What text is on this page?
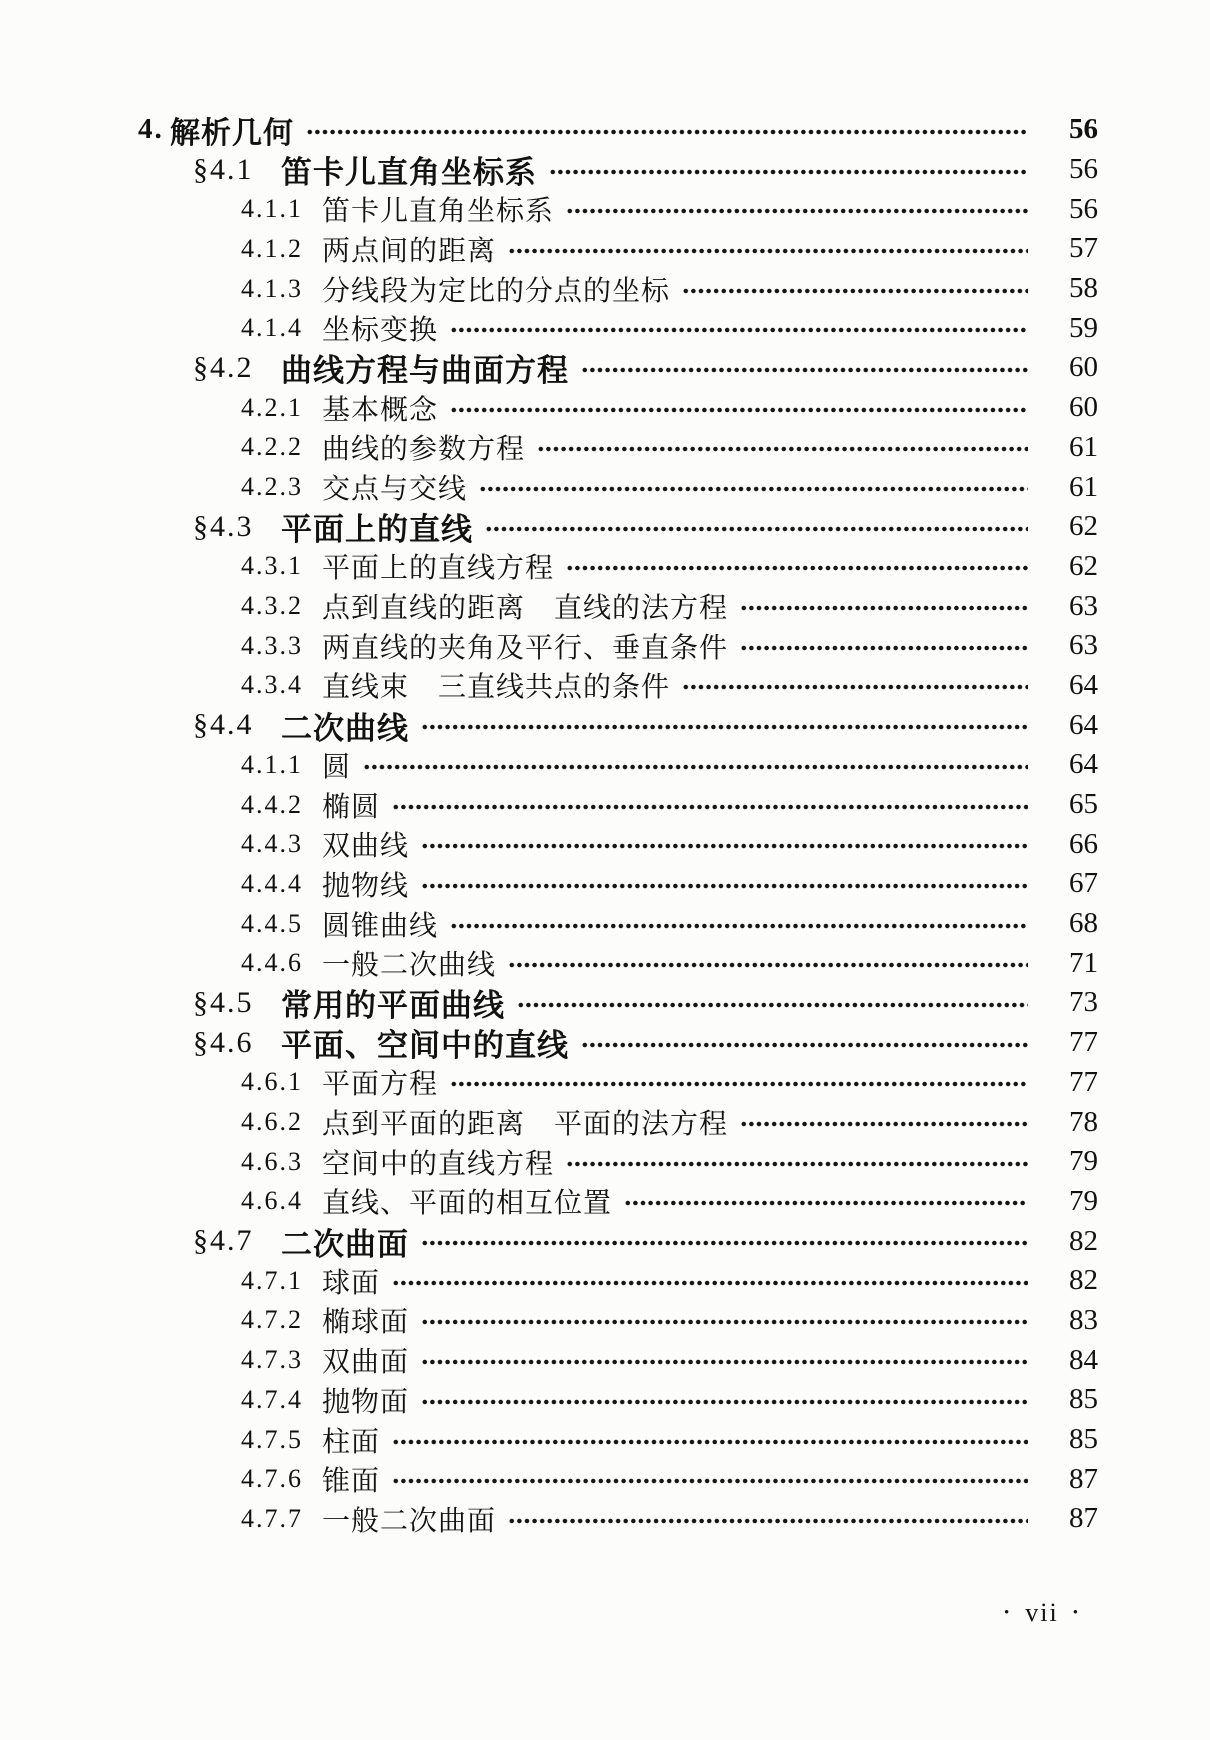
4. 解析几何	56
§4.1 笛卡儿直角坐标系	56
4.1.1 笛卡儿直角坐标系	56
4.1.2 两点间的距离	57
4.1.3 分线段为定比的分点的坐标	58
4.1.4 坐标变换	59
§4.2 曲线方程与曲面方程	60
4.2.1 基本概念	60
4.2.2 曲线的参数方程	61
4.2.3 交点与交线	61
§4.3 平面上的直线	62
4.3.1 平面上的直线方程	62
4.3.2 点到直线的距离　直线的法方程	63
4.3.3 两直线的夹角及平行、垂直条件	63
4.3.4 直线束　三直线共点的条件	64
§4.4 二次曲线	64
4.1.1 圆	64
4.4.2 椭圆	65
4.4.3 双曲线	66
4.4.4 抛物线	67
4.4.5 圆锥曲线	68
4.4.6 一般二次曲线	71
§4.5 常用的平面曲线	73
§4.6 平面、空间中的直线	77
4.6.1 平面方程	77
4.6.2 点到平面的距离　平面的法方程	78
4.6.3 空间中的直线方程	79
4.6.4 直线、平面的相互位置	79
§4.7 二次曲面	82
4.7.1 球面	82
4.7.2 椭球面	83
4.7.3 双曲面	84
4.7.4 抛物面	85
4.7.5 柱面	85
4.7.6 锥面	87
4.7.7 一般二次曲面	87
• vii •
